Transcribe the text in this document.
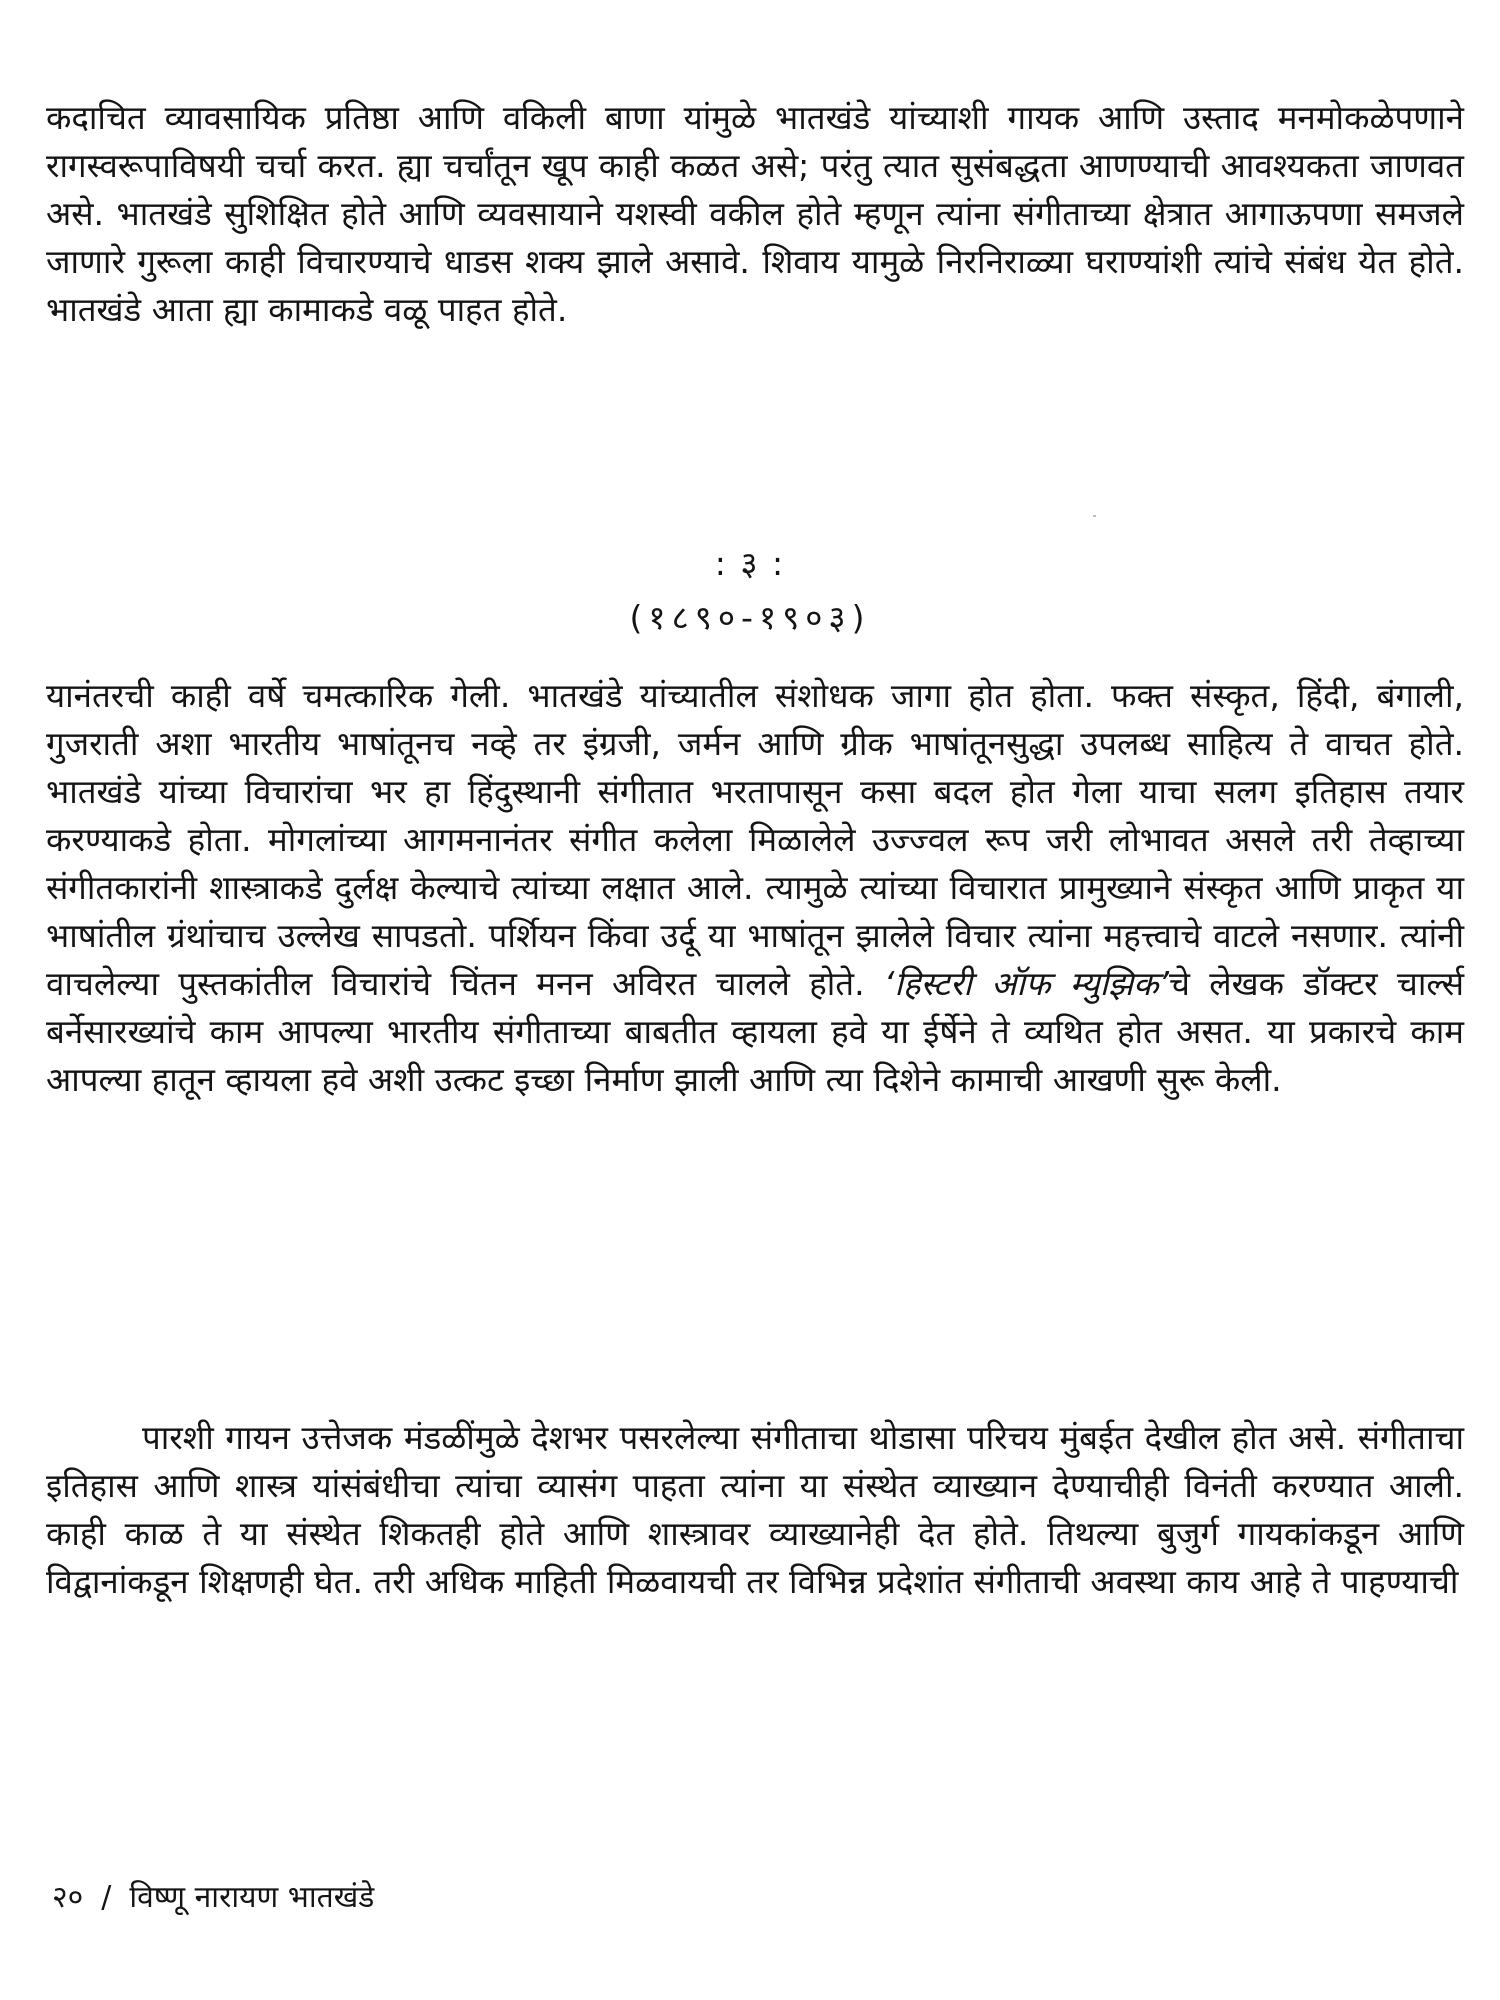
कदाचित व्यावसायिक प्रतिष्ठा आणि वकिली बाणा यांमुळे भातखंडे यांच्याशी गायक आणि उस्ताद मनमोकळेपणाने रागस्वरूपाविषयी चर्चा करत. ह्या चर्चांतून खूप काही कळत असे; परंतु त्यात सुसंबद्धता आणण्याची आवश्यकता जाणवत असे. भातखंडे सुशिक्षित होते आणि व्यवसायाने यशस्वी वकील होते म्हणून त्यांना संगीताच्या क्षेत्रात आगाऊपणा समजले जाणारे गुरूला काही विचारण्याचे धाडस शक्य झाले असावे. शिवाय यामुळे निरनिराळ्या घराण्यांशी त्यांचे संबंध येत होते. भातखंडे आता ह्या कामाकडे वळू पाहत होते.

: ३ :
(१८९०-१९०३)

यानंतरची काही वर्षे चमत्कारिक गेली. भातखंडे यांच्यातील संशोधक जागा होत होता. फक्त संस्कृत, हिंदी, बंगाली, गुजराती अशा भारतीय भाषांतूनच नव्हे तर इंग्रजी, जर्मन आणि ग्रीक भाषांतूनसुद्धा उपलब्ध साहित्य ते वाचत होते. भातखंडे यांच्या विचारांचा भर हा हिंदुस्थानी संगीतात भरतापासून कसा बदल होत गेला याचा सलग इतिहास तयार करण्याकडे होता. मोगलांच्या आगमनानंतर संगीत कलेला मिळालेले उज्ज्वल रूप जरी लोभावत असले तरी तेव्हाच्या संगीतकारांनी शास्त्राकडे दुर्लक्ष केल्याचे त्यांच्या लक्षात आले. त्यामुळे त्यांच्या विचारात प्रामुख्याने संस्कृत आणि प्राकृत या भाषांतील ग्रंथांचाच उल्लेख सापडतो. पर्शियन किंवा उर्दू या भाषांतून झालेले विचार त्यांना महत्त्वाचे वाटले नसणार. त्यांनी वाचलेल्या पुस्तकांतील विचारांचे चिंतन मनन अविरत चालले होते. ‘हिस्टरी ऑफ म्युझिक’चे लेखक डॉक्टर चार्ल्स बर्नेसारख्यांचे काम आपल्या भारतीय संगीताच्या बाबतीत व्हायला हवे या ईर्षेने ते व्यथित होत असत. या प्रकारचे काम आपल्या हातून व्हायला हवे अशी उत्कट इच्छा निर्माण झाली आणि त्या दिशेने कामाची आखणी सुरू केली.

पारशी गायन उत्तेजक मंडळींमुळे देशभर पसरलेल्या संगीताचा थोडासा परिचय मुंबईत देखील होत असे. संगीताचा इतिहास आणि शास्त्र यांसंबंधीचा त्यांचा व्यासंग पाहता त्यांना या संस्थेत व्याख्यान देण्याचीही विनंती करण्यात आली. काही काळ ते या संस्थेत शिकतही होते आणि शास्त्रावर व्याख्यानेही देत होते. तिथल्या बुजुर्ग गायकांकडून आणि विद्वानांकडून शिक्षणही घेत. तरी अधिक माहिती मिळवायची तर विभिन्न प्रदेशांत संगीताची अवस्था काय आहे ते पाहण्याची

२० / विष्णू नारायण भातखंडे
